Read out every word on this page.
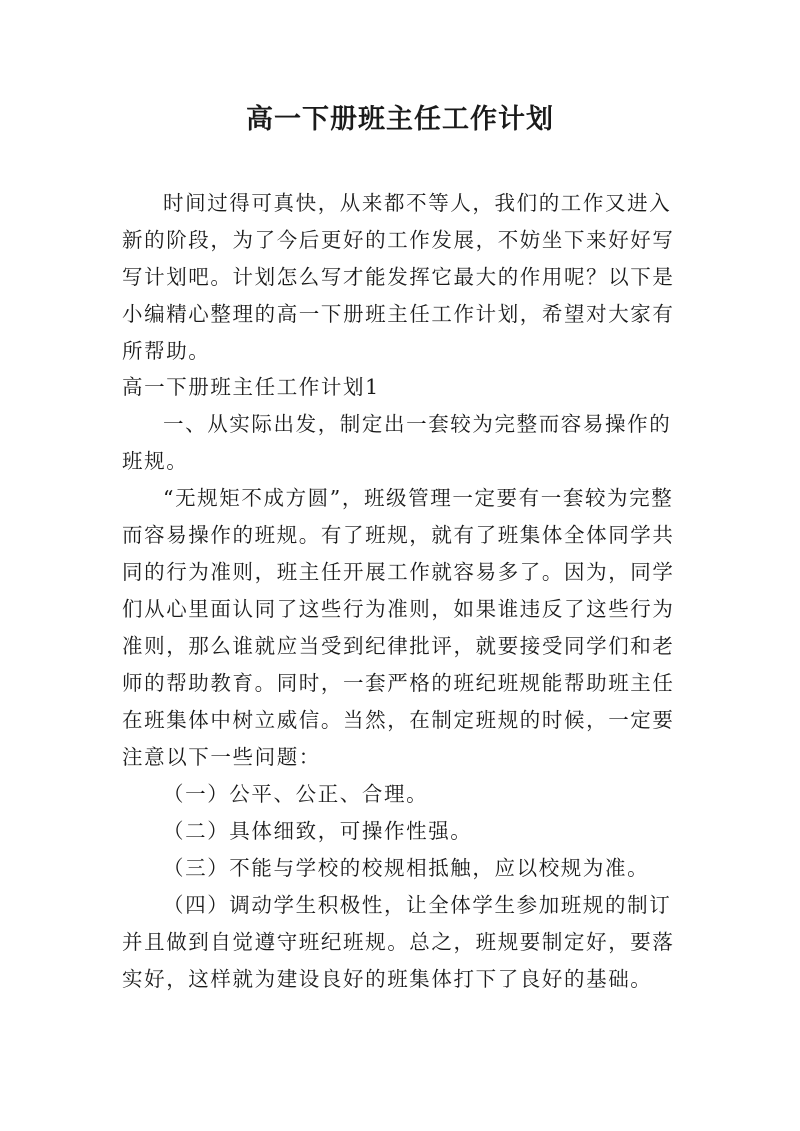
高一下册班主任工作计划

时间过得可真快，从来都不等人，我们的工作又进入新的阶段，为了今后更好的工作发展，不妨坐下来好好写写计划吧。计划怎么写才能发挥它最大的作用呢？以下是小编精心整理的高一下册班主任工作计划，希望对大家有所帮助。

高一下册班主任工作计划1

一、从实际出发，制定出一套较为完整而容易操作的班规。

“无规矩不成方圆”，班级管理一定要有一套较为完整而容易操作的班规。有了班规，就有了班集体全体同学共同的行为准则，班主任开展工作就容易多了。因为，同学们从心里面认同了这些行为准则，如果谁违反了这些行为准则，那么谁就应当受到纪律批评，就要接受同学们和老师的帮助教育。同时，一套严格的班纪班规能帮助班主任在班集体中树立威信。当然，在制定班规的时候，一定要注意以下一些问题：

（一）公平、公正、合理。

（二）具体细致，可操作性强。

（三）不能与学校的校规相抵触，应以校规为准。

（四）调动学生积极性，让全体学生参加班规的制订并且做到自觉遵守班纪班规。总之，班规要制定好，要落实好，这样就为建设良好的班集体打下了良好的基础。
